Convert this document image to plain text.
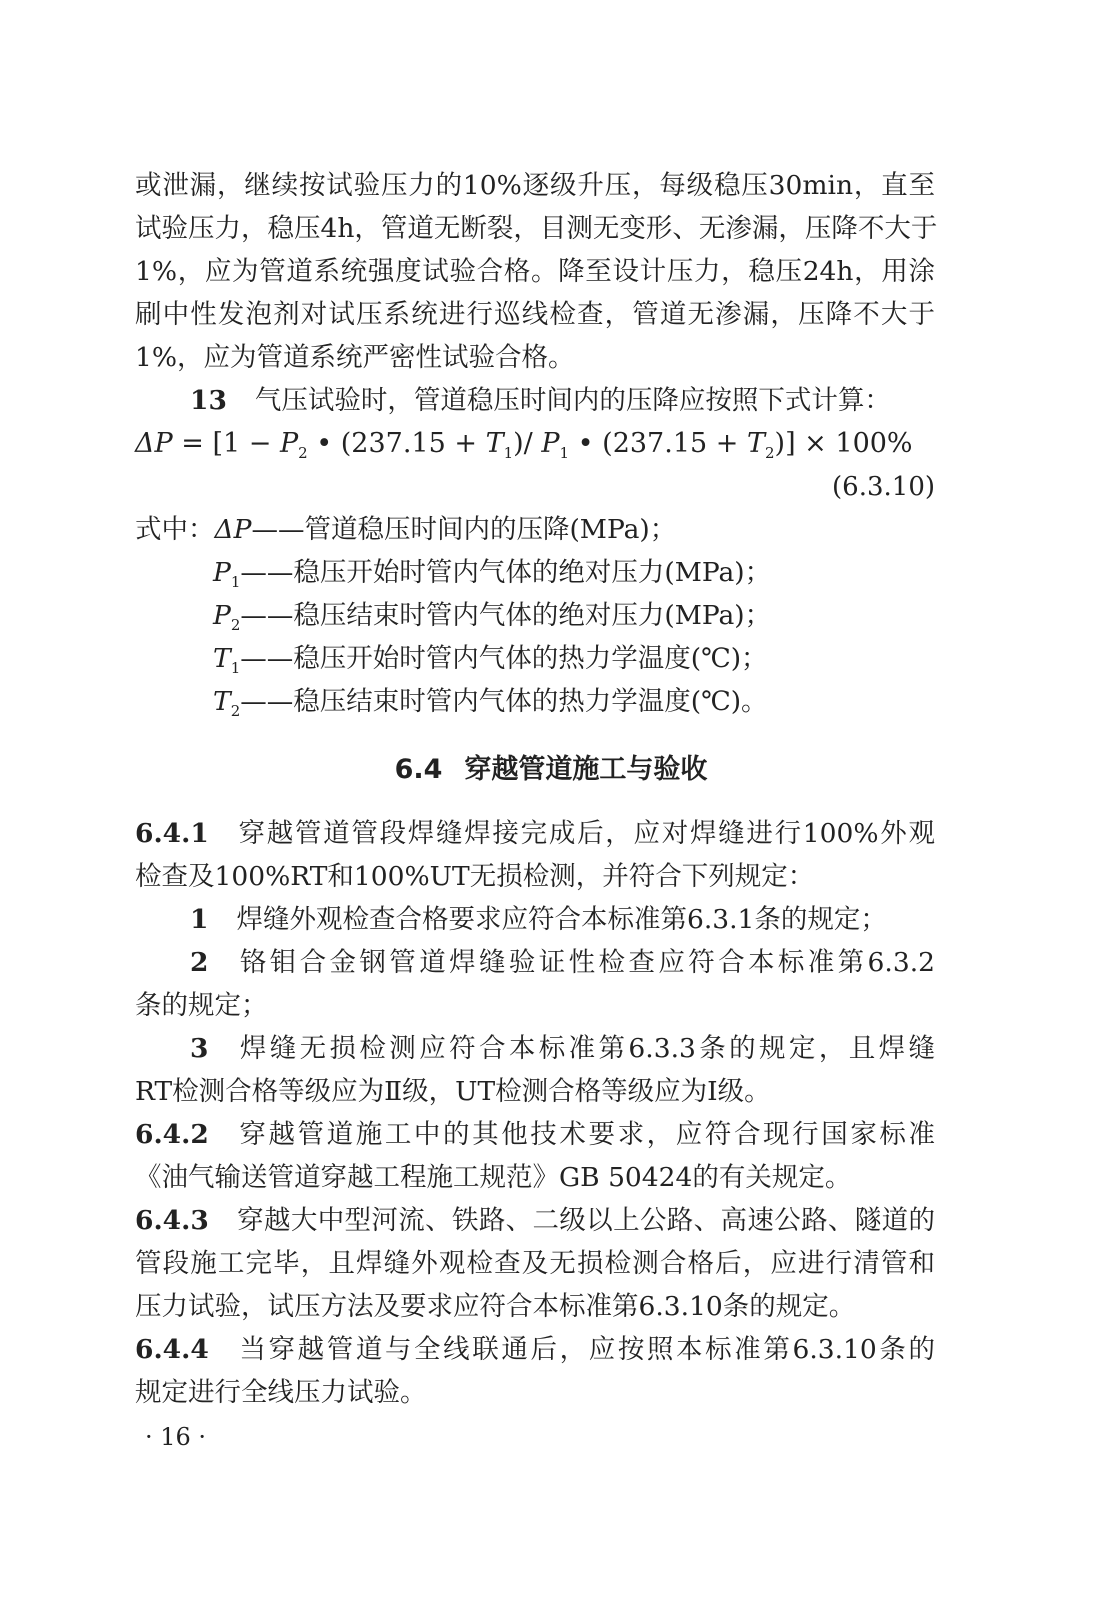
或泄漏，继续按试验压力的10%逐级升压，每级稳压30min，直至
试验压力，稳压4h，管道无断裂，目测无变形、无渗漏，压降不大于
1%，应为管道系统强度试验合格。降至设计压力，稳压24h，用涂
刷中性发泡剂对试压系统进行巡线检查，管道无渗漏，压降不大于
1%，应为管道系统严密性试验合格。
13 气压试验时，管道稳压时间内的压降应按照下式计算：
$\Delta P = [1 - P_2$ • $(237.15 + T_1)/$ $P_1$ • $(237.15 + T_2)] \times 100\%$
(6.3.10)
式中：ΔP——管道稳压时间内的压降(MPa)；
$P_1——$稳压开始时管内气体的绝对压力(MPa)；
$P_2——$稳压结束时管内气体的绝对压力(MPa)；
$T_1——$稳压开始时管内气体的热力学温度(℃)；
$T_2——$稳压结束时管内气体的热力学温度(℃)。
6.4 穿越管道施工与验收
6.4.1 穿越管道管段焊缝焊接完成后，应对焊缝进行100%外观
检查及100%RT和100%UT无损检测，并符合下列规定：
1 焊缝外观检查合格要求应符合本标准第6.3.1条的规定；
2 铬钼合金钢管道焊缝验证性检查应符合本标准第6.3.2
条的规定；
3 焊缝无损检测应符合本标准第6.3.3条的规定，且焊缝
RT检测合格等级应为Ⅱ级，UT检测合格等级应为Ⅰ级。
6.4.2 穿越管道施工中的其他技术要求，应符合现行国家标准
《油气输送管道穿越工程施工规范》GB 50424的有关规定。
6.4.3 穿越大中型河流、铁路、二级以上公路、高速公路、隧道的
管段施工完毕，且焊缝外观检查及无损检测合格后，应进行清管和
压力试验，试压方法及要求应符合本标准第6.3.10条的规定。
6.4.4 当穿越管道与全线联通后，应按照本标准第6.3.10条的
规定进行全线压力试验。
· 16 ·
